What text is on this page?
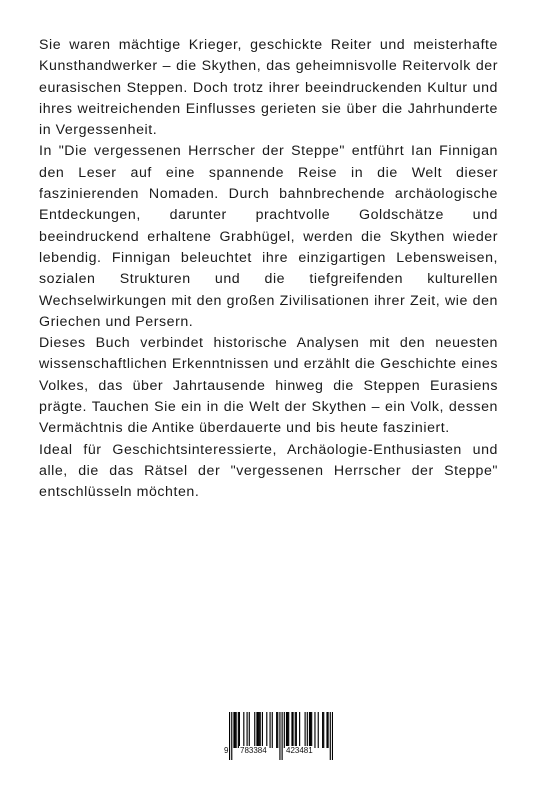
Sie waren mächtige Krieger, geschickte Reiter und meisterhafte Kunsthandwerker – die Skythen, das geheimnisvolle Reitervolk der eurasischen Steppen. Doch trotz ihrer beeindruckenden Kultur und ihres weitreichenden Einflusses gerieten sie über die Jahrhunderte in Vergessenheit.

In "Die vergessenen Herrscher der Steppe" entführt Ian Finnigan den Leser auf eine spannende Reise in die Welt dieser faszinierenden Nomaden. Durch bahnbrechende archäologische Entdeckungen, darunter prachtvolle Goldschätze und beeindruckend erhaltene Grabhügel, werden die Skythen wieder lebendig. Finnigan beleuchtet ihre einzigartigen Lebensweisen, sozialen Strukturen und die tiefgreifenden kulturellen Wechselwirkungen mit den großen Zivilisationen ihrer Zeit, wie den Griechen und Persern.

Dieses Buch verbindet historische Analysen mit den neuesten wissenschaftlichen Erkenntnissen und erzählt die Geschichte eines Volkes, das über Jahrtausende hinweg die Steppen Eurasiens prägte. Tauchen Sie ein in die Welt der Skythen – ein Volk, dessen Vermächtnis die Antike überdauerte und bis heute fasziniert.

Ideal für Geschichtsinteressierte, Archäologie-Enthusiasten und alle, die das Rätsel der "vergessenen Herrscher der Steppe" entschlüsseln möchten.

9 783384 423481
